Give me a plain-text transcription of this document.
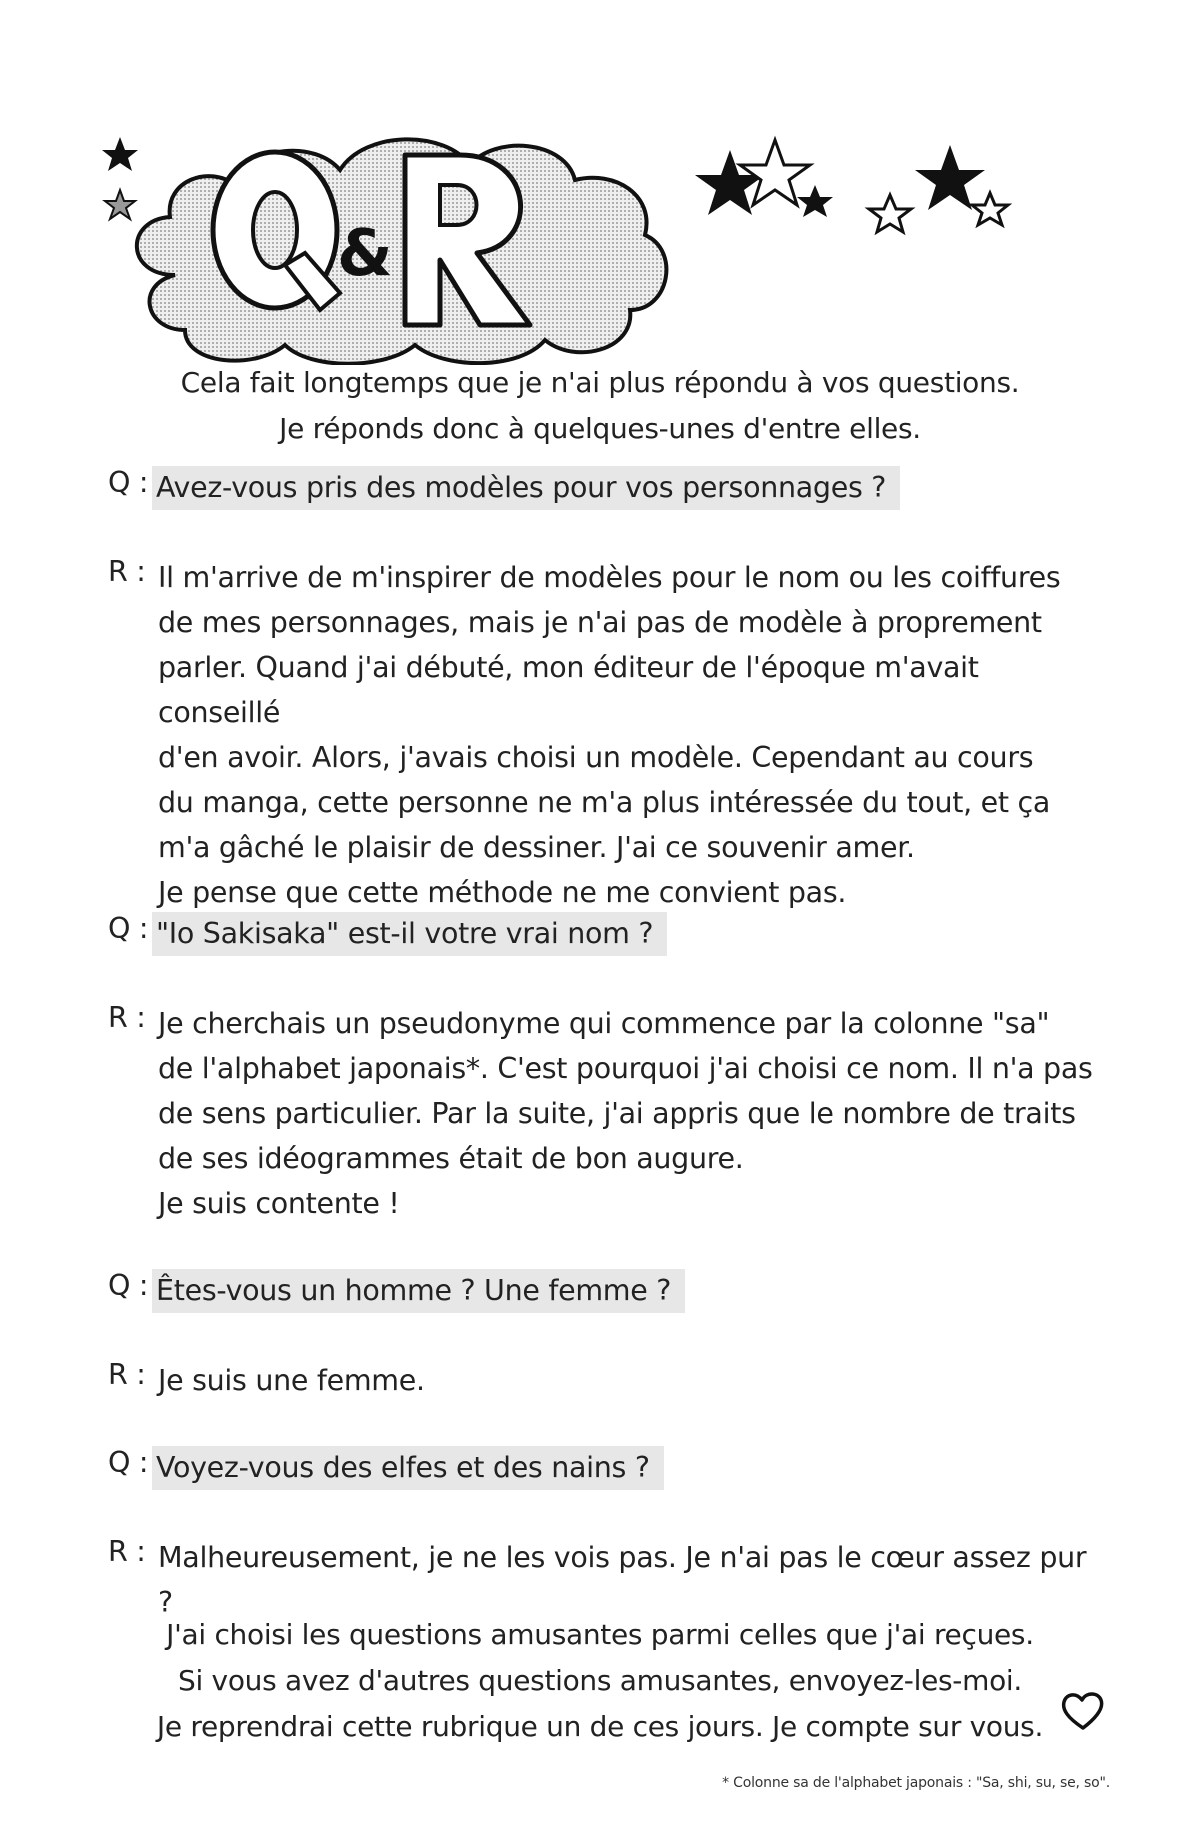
&

Cela fait longtemps que je n'ai plus répondu à vos questions.

Je réponds donc à quelques-unes d'entre elles.

Q : Avez-vous pris des modèles pour vos personnages ?
R : Il m'arrive de m'inspirer de modèles pour le nom ou les coiffures

de mes personnages, mais je n'ai pas de modèle à proprement

parler. Quand j'ai débuté, mon éditeur de l'époque m'avait conseillé

d'en avoir. Alors, j'avais choisi un modèle. Cependant au cours

du manga, cette personne ne m'a plus intéressée du tout, et ça

m'a gâché le plaisir de dessiner. J'ai ce souvenir amer.

Je pense que cette méthode ne me convient pas.

Q : "Io Sakisaka" est-il votre vrai nom ?
R : Je cherchais un pseudonyme qui commence par la colonne "sa"

de l'alphabet japonais*. C'est pourquoi j'ai choisi ce nom. Il n'a pas

de sens particulier. Par la suite, j'ai appris que le nombre de traits

de ses idéogrammes était de bon augure.

Je suis contente !

Q : Êtes-vous un homme ? Une femme ?
R : Je suis une femme.

Q : Voyez-vous des elfes et des nains ?
R : Malheureusement, je ne les vois pas. Je n'ai pas le cœur assez pur ?

J'ai choisi les questions amusantes parmi celles que j'ai reçues.

Si vous avez d'autres questions amusantes, envoyez-les-moi.

Je reprendrai cette rubrique un de ces jours. Je compte sur vous.

* Colonne sa de l'alphabet japonais : "Sa, shi, su, se, so".
